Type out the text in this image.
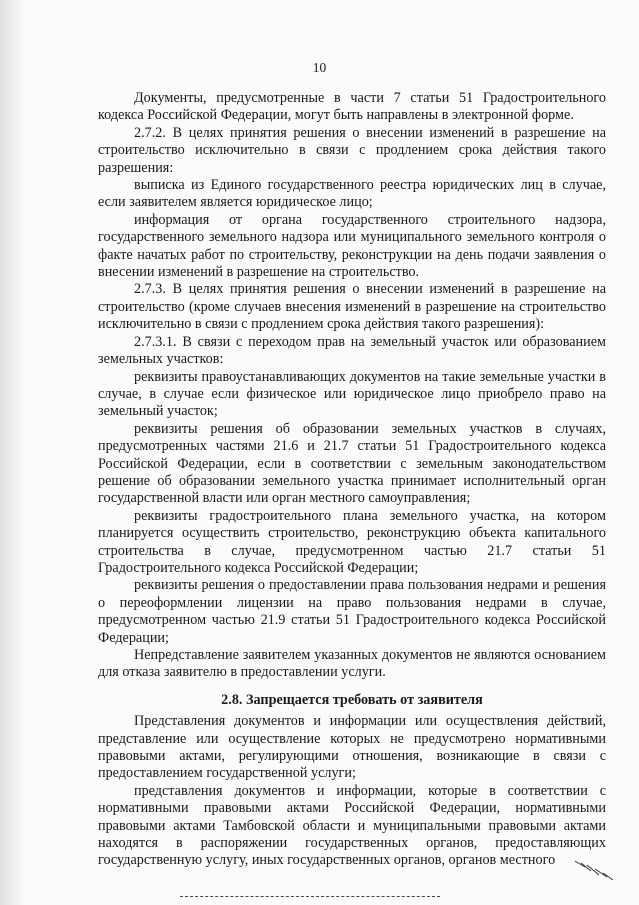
10

Документы, предусмотренные в части 7 статьи 51 Градостроительного кодекса Российской Федерации, могут быть направлены в электронной форме.

2.7.2. В целях принятия решения о внесении изменений в разрешение на строительство исключительно в связи с продлением срока действия такого разрешения:

выписка из Единого государственного реестра юридических лиц в случае, если заявителем является юридическое лицо;

информация от органа государственного строительного надзора, государственного земельного надзора или муниципального земельного контроля о факте начатых работ по строительству, реконструкции на день подачи заявления о внесении изменений в разрешение на строительство.

2.7.3. В целях принятия решения о внесении изменений в разрешение на строительство (кроме случаев внесения изменений в разрешение на строительство исключительно в связи с продлением срока действия такого разрешения):

2.7.3.1. В связи с переходом прав на земельный участок или образованием земельных участков:

реквизиты правоустанавливающих документов на такие земельные участки в случае, в случае если физическое или юридическое лицо приобрело право на земельный участок;

реквизиты решения об образовании земельных участков в случаях, предусмотренных частями 21.6 и 21.7 статьи 51 Градостроительного кодекса Российской Федерации, если в соответствии с земельным законодательством решение об образовании земельного участка принимает исполнительный орган государственной власти или орган местного самоуправления;

реквизиты градостроительного плана земельного участка, на котором планируется осуществить строительство, реконструкцию объекта капитального строительства в случае, предусмотренном частью 21.7 статьи 51 Градостроительного кодекса Российской Федерации;

реквизиты решения о предоставлении права пользования недрами и решения о переоформлении лицензии на право пользования недрами в случае, предусмотренном частью 21.9 статьи 51 Градостроительного кодекса Российской Федерации;

Непредставление заявителем указанных документов не являются основанием для отказа заявителю в предоставлении услуги.

2.8. Запрещается требовать от заявителя

Представления документов и информации или осуществления действий, представление или осуществление которых не предусмотрено нормативными правовыми актами, регулирующими отношения, возникающие в связи с предоставлением государственной услуги;

представления документов и информации, которые в соответствии с нормативными правовыми актами Российской Федерации, нормативными правовыми актами Тамбовской области и муниципальными правовыми актами находятся в распоряжении государственных органов, предоставляющих государственную услугу, иных государственных органов, органов местного
